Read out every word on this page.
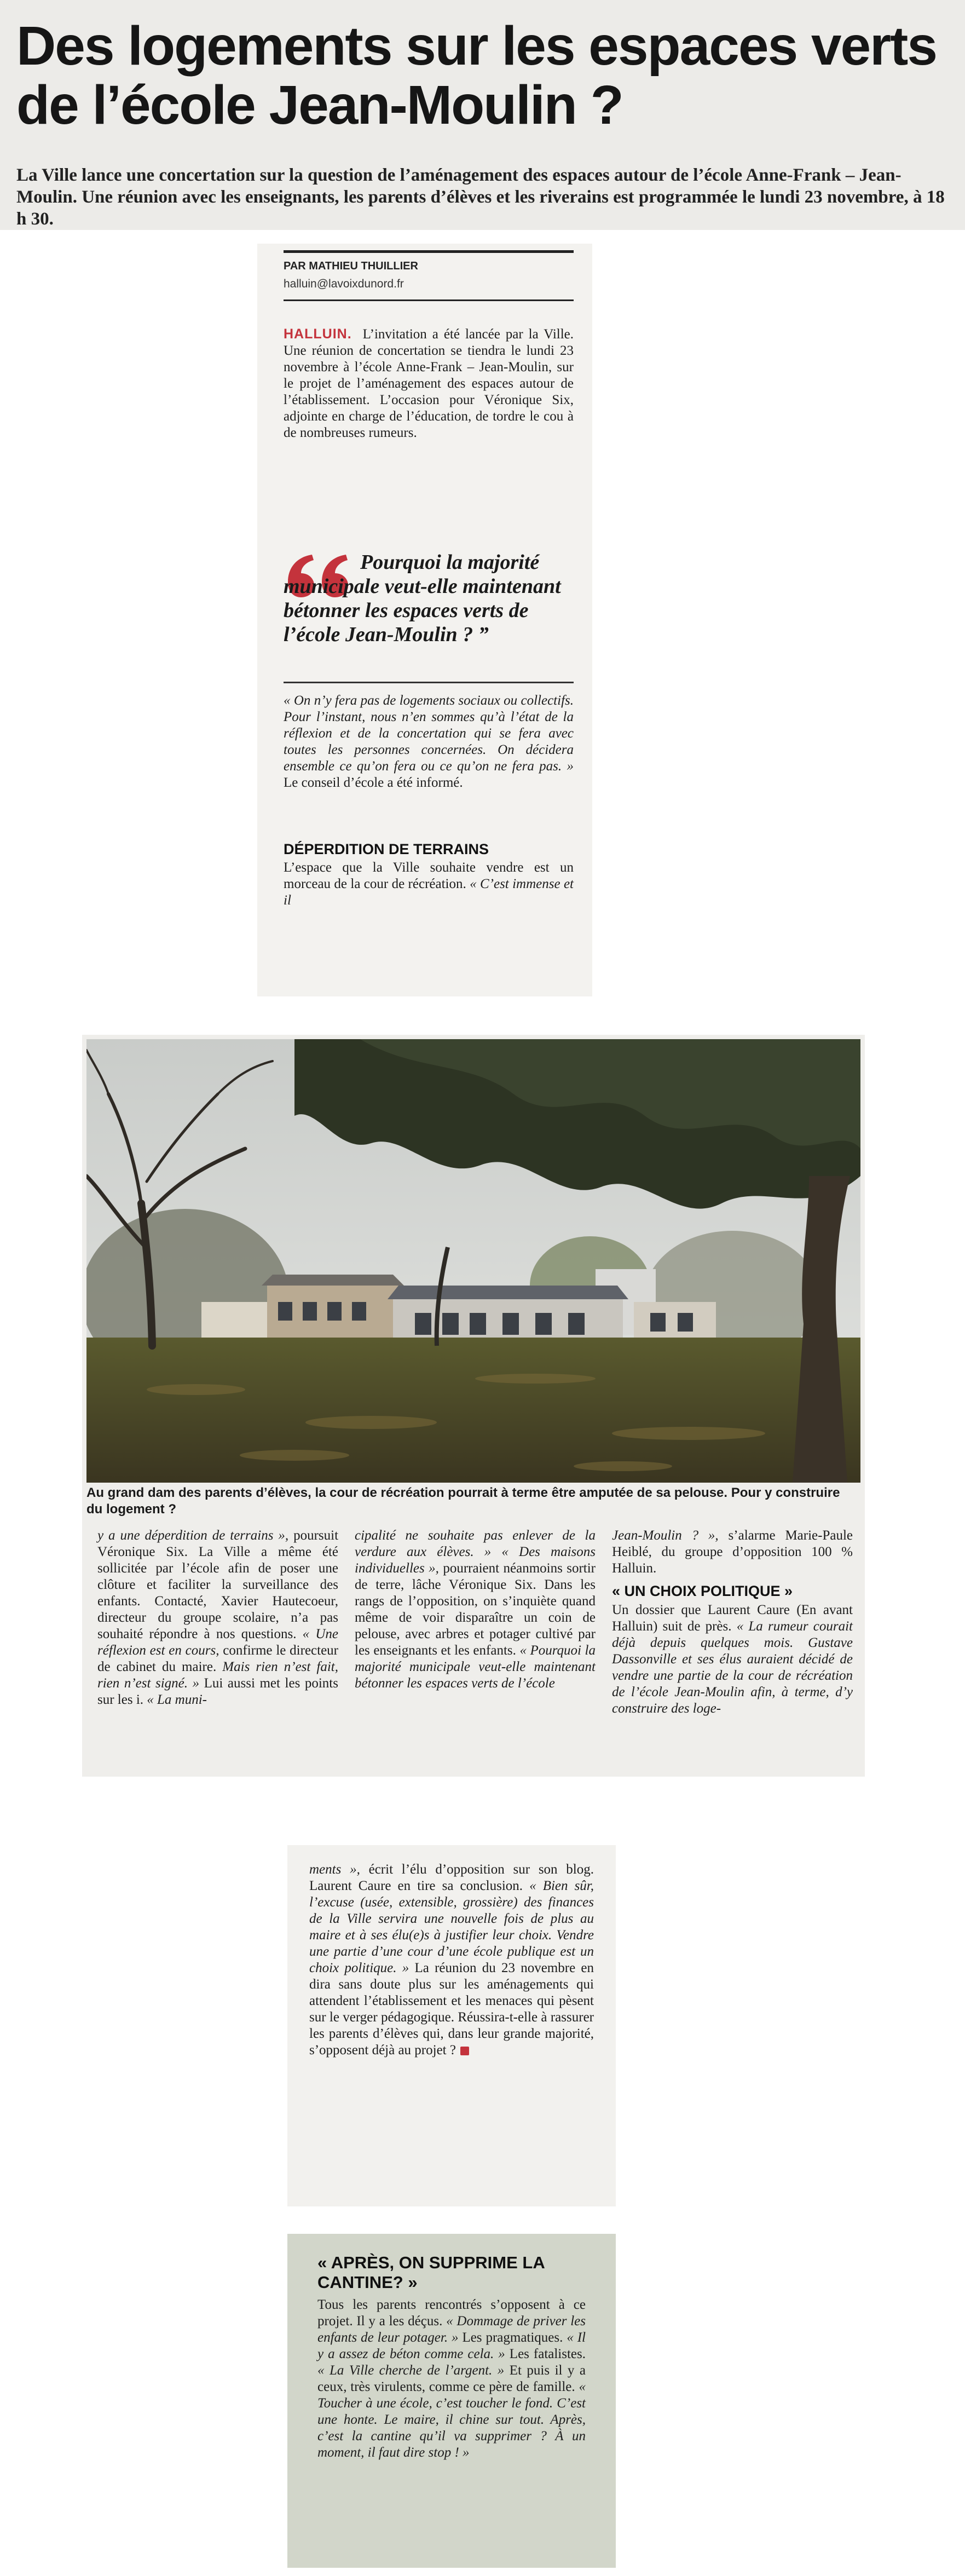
Des logements sur les espaces verts de l’école Jean-Moulin ?

La Ville lance une concertation sur la question de l’aménagement des espaces autour de l’école Anne-Frank – Jean-Moulin. Une réunion avec les enseignants, les parents d’élèves et les riverains est programmée le lundi 23 novembre, à 18 h 30.

PAR MATHIEU THUILLIER

halluin@lavoixdunord.fr

HALLUIN. L’invitation a été lancée par la Ville. Une réunion de concertation se tiendra le lundi 23 novembre à l’école Anne-Frank – Jean-Moulin, sur le projet de l’aménagement des espaces autour de l’établissement. L’occasion pour Véronique Six, adjointe en charge de l’éducation, de tordre le cou à de nombreuses rumeurs.

Pourquoi la majorité municipale veut-elle maintenant bétonner les espaces verts de l’école Jean-Moulin ? ”

« On n’y fera pas de logements sociaux ou collectifs. Pour l’instant, nous n’en sommes qu’à l’état de la réflexion et de la concertation qui se fera avec toutes les personnes concernées. On décidera ensemble ce qu’on fera ou ce qu’on ne fera pas. » Le conseil d’école a été informé.

DÉPERDITION DE TERRAINS

L’espace que la Ville souhaite vendre est un morceau de la cour de récréation. « C’est immense et il

Au grand dam des parents d’élèves, la cour de récréation pourrait à terme être amputée de sa pelouse. Pour y construire du logement ?

y a une déperdition de terrains », poursuit Véronique Six. La Ville a même été sollicitée par l’école afin de poser une clôture et faciliter la surveillance des enfants. Contacté, Xavier Hautecoeur, directeur du groupe scolaire, n’a pas souhaité répondre à nos questions. « Une réflexion est en cours, confirme le directeur de cabinet du maire. Mais rien n’est fait, rien n’est signé. » Lui aussi met les points sur les i. « La muni-

cipalité ne souhaite pas enlever de la verdure aux élèves. » « Des maisons individuelles », pourraient néanmoins sortir de terre, lâche Véronique Six. Dans les rangs de l’opposition, on s’inquiète quand même de voir disparaître un coin de pelouse, avec arbres et potager cultivé par les enseignants et les enfants. « Pourquoi la majorité municipale veut-elle maintenant bétonner les espaces verts de l’école

Jean-Moulin ? », s’alarme Marie-Paule Heiblé, du groupe d’opposition 100 % Halluin.

« UN CHOIX POLITIQUE »

Un dossier que Laurent Caure (En avant Halluin) suit de près. « La rumeur courait déjà depuis quelques mois. Gustave Dassonville et ses élus auraient décidé de vendre une partie de la cour de récréation de l’école Jean-Moulin afin, à terme, d’y construire des loge-

ments », écrit l’élu d’opposition sur son blog. Laurent Caure en tire sa conclusion. « Bien sûr, l’excuse (usée, extensible, grossière) des finances de la Ville servira une nouvelle fois de plus au maire et à ses élu(e)s à justifier leur choix. Vendre une partie d’une cour d’une école publique est un choix politique. » La réunion du 23 novembre en dira sans doute plus sur les aménagements qui attendent l’établissement et les menaces qui pèsent sur le verger pédagogique. Réussira-t-elle à rassurer les parents d’élèves qui, dans leur grande majorité, s’opposent déjà au projet ?

« APRÈS, ON SUPPRIME LA CANTINE? »

Tous les parents rencontrés s’opposent à ce projet. Il y a les déçus. « Dommage de priver les enfants de leur potager. » Les pragmatiques. « Il y a assez de béton comme cela. » Les fatalistes. « La Ville cherche de l’argent. » Et puis il y a ceux, très virulents, comme ce père de famille. « Toucher à une école, c’est toucher le fond. C’est une honte. Le maire, il chine sur tout. Après, c’est la cantine qu’il va supprimer ? À un moment, il faut dire stop ! »
